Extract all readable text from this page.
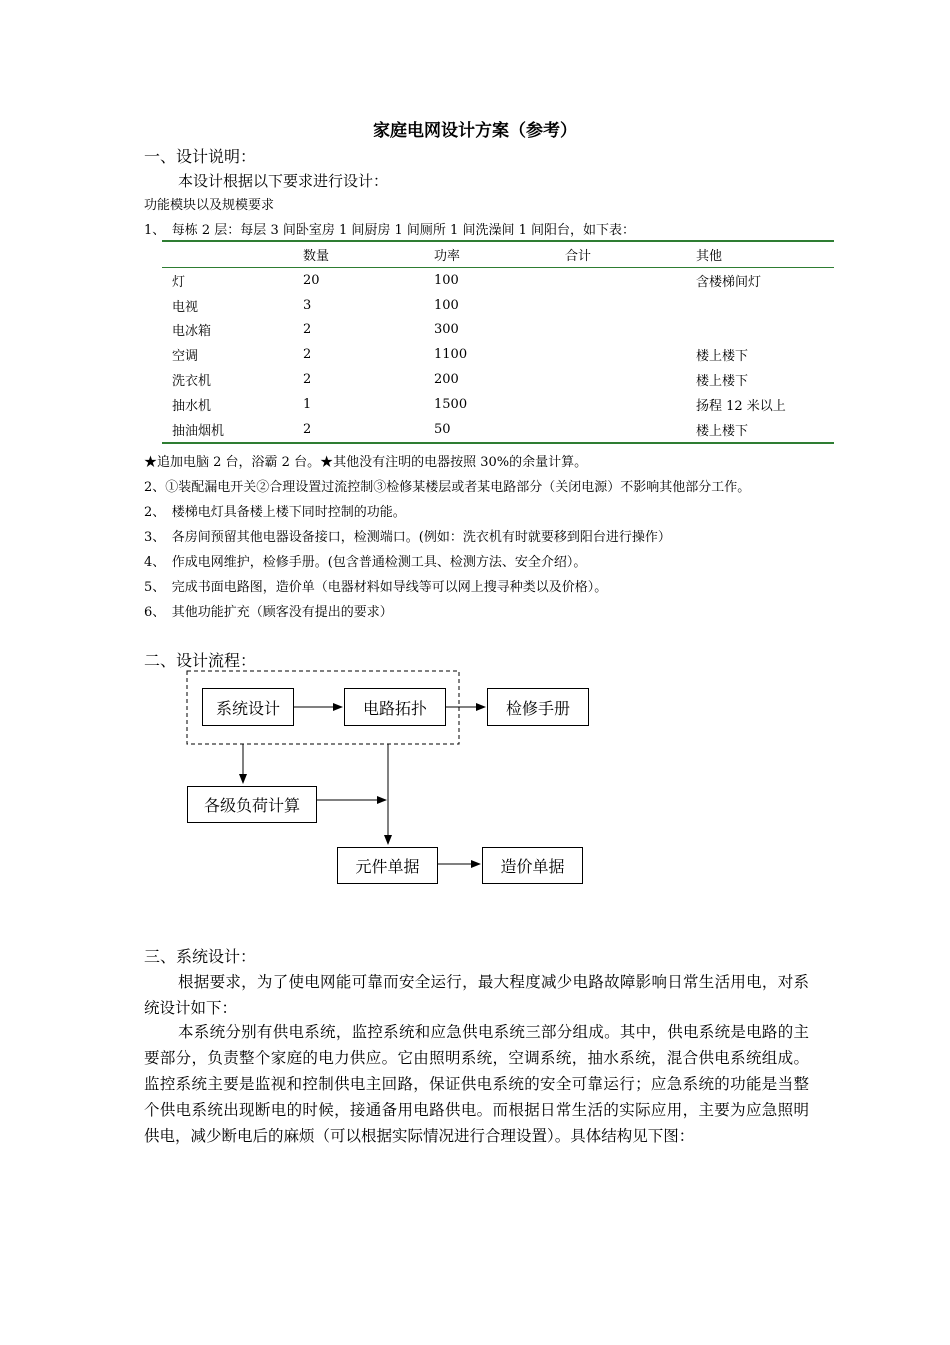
家庭电网设计方案（参考）
一、设计说明：
本设计根据以下要求进行设计：
功能模块以及规模要求
1、　每栋 2 层：每层 3 间卧室房 1 间厨房 1 间厕所 1 间洗澡间 1 间阳台，如下表：
	数量	功率	合计	其他
灯	20	100		含楼梯间灯
电视	3	100		
电冰箱	2	300		
空调	2	1100		楼上楼下
洗衣机	2	200		楼上楼下
抽水机	1	1500		扬程 12 米以上
抽油烟机	2	50		楼上楼下
★追加电脑 2 台，浴霸 2 台。★其他没有注明的电器按照 30%的余量计算。
2、①装配漏电开关②合理设置过流控制③检修某楼层或者某电路部分（关闭电源）不影响其他部分工作。
2、　楼梯电灯具备楼上楼下同时控制的功能。
3、　各房间预留其他电器设备接口，检测端口。(例如：洗衣机有时就要移到阳台进行操作）
4、　作成电网维护，检修手册。(包含普通检测工具、检测方法、安全介绍）。
5、　完成书面电路图，造价单（电器材料如导线等可以网上搜寻种类以及价格）。
6、　其他功能扩充（顾客没有提出的要求）
二、设计流程：
系统设计	电路拓扑	检修手册
各级负荷计算
元件单据	造价单据
三、系统设计：
根据要求，为了使电网能可靠而安全运行，最大程度减少电路故障影响日常生活用电，对系统设计如下：
本系统分别有供电系统，监控系统和应急供电系统三部分组成。其中，供电系统是电路的主要部分，负责整个家庭的电力供应。它由照明系统，空调系统，抽水系统，混合供电系统组成。监控系统主要是监视和控制供电主回路，保证供电系统的安全可靠运行；应急系统的功能是当整个供电系统出现断电的时候，接通备用电路供电。而根据日常生活的实际应用，主要为应急照明供电，减少断电后的麻烦（可以根据实际情况进行合理设置）。具体结构见下图：
